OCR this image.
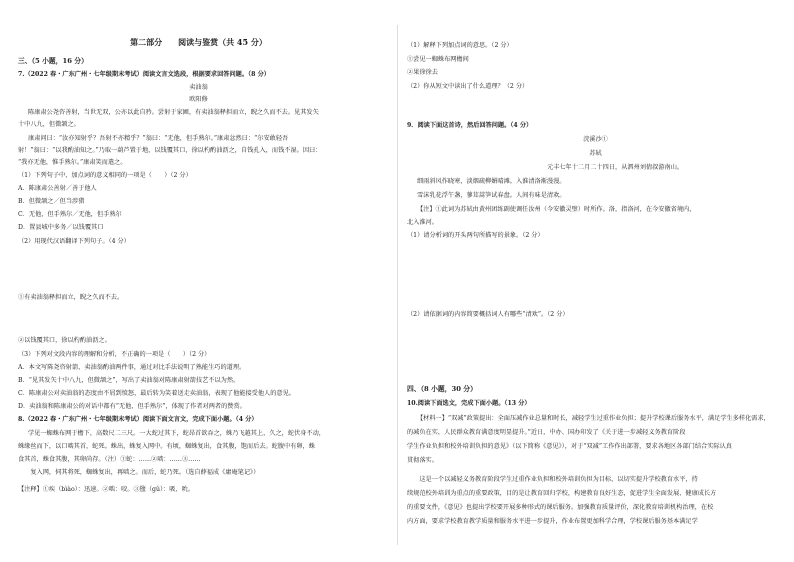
第二部分　　阅读与鉴赏（共 45 分）
三、（5 小题，16 分）
7.（2022 春・广东广州・七年级期末考试）阅读文言文选段，根据要求回答问题。（8 分）
卖油翁
欧阳修
陈康肃公尧咨善射，当世无双，公亦以此自矜。尝射于家圃，有卖油翁释担而立，睨之久而不去。见其发矢
十中八九，但微颔之。
康肃问曰：“汝亦知射乎？吾射不亦精乎？”翁曰：“无他，但手熟尔。”康肃忿然曰：“尔安敢轻吾
射！”翁曰：“以我酌油知之。”乃取一葫芦置于地，以钱覆其口，徐以杓酌油沥之，自钱孔入，而钱不湿。因曰：
“我亦无他，惟手熟尔。”康肃笑而遣之。
（1）下列句子中，加点词的意义相同的一项是（　　）（2 分）
A．陈康肃公善射／善于他人
B．但微颔之／但当涉猎
C．无他，但手熟尔／无他，但手熟尔
D．置县城中多务／以钱覆其口
（2）用现代汉语翻译下列句子。（4 分）
①有卖油翁释担而立，睨之久而不去。
②以钱覆其口，徐以杓酌油沥之。
（3）下列对文段内容的理解和分析，不正确的一项是（　　）（2 分）
A．本文写陈尧咨射箭、卖油翁酌油两件事，通过对比手法说明了熟能生巧的道理。
B．“见其发矢十中八九，但微颔之”，写出了卖油翁对陈康肃射箭技艺不以为然。
C．陈康肃公对卖油翁的态度由不屑到愤怒，最后转为笑着送走卖油翁，表现了他能接受他人的意见。
D．卖油翁和陈康肃公的对话中都有“无他，但手熟尔”，体现了作者对两者的赞赏。
8.（2022 春・广东广州・七年级期末考试）阅读下面文言文，完成下面小题。（4 分）
学见一蜘蛛布网于檐下，高数尺二三尺。一大蛇过其下，蛇昂首欲吞之，蛛乃飞越其上，久之，蛇伏身不动，
蛛缘丝而下，以口啮其首，蛇死。蛛出，蛛复入网中。有顷，蜘蛛复出，食其腹，饱而后去。蛇腹中有卵，蛛
食其首，蛛食其腹，其卵尚存。（注）①蛇：……②啮：……③……
　　复入网，伺其将死，蜘蛛复出，再啮之。而后，蛇乃死。（选自薛福成《庸庵笔记》）
【注释】①疾（bìào）：迅速。②啮：咬。③盬（gǔ）：吸、吮。
（1）解释下列加点词的意思。（2 分）
①尝见一蜘蛛布网檐间
②果徐徐去
（2）你从短文中读出了什么道理？（2 分）
9．阅读下面这首诗，然后回答问题。（4 分）
浣溪沙①
苏轼
元丰七年十二月二十四日，从泗州刘倩叔游南山。
细雨斜风作晓寒，淡烟疏柳媚晴滩。入淮清洛渐漫漫。
雪沫乳花浮午盏，蓼茸蒿笋试春盘。人间有味是清欢。
【注】①此词为苏轼由黄州团练副使调任汝州（今安徽灵璧）时所作。洛，指洛河，在今安徽省境内，
北入淮河。
（1）请分析词的开头两句所描写的景象。（2 分）
（2）请依据词的内容简要概括词人有哪些“清欢”。（2 分）
四、（8 小题，30 分）
10.阅读下面选文，完成下面小题。（13 分）
【材料一】“双减”政策提出：全面压减作业总量和时长，减轻学生过重作业负担；提升学校课后服务水平，满足学生多样化需求，
的减负在实，人民群众教育满意度明显提升。”近日，中办、国办印发了《关于进一步减轻义务教育阶段
学生作业负担和校外培训负担的意见》（以下简称《意见》），对于“双减”工作作出部署，要求各地区各部门结合实际认真
贯彻落实。
　　这是一个以减轻义务教育阶段学生过重作业负担和校外培训负担为目标，以切实提升学校教育水平，持
续规范校外培训为重点的重要政策，目的是让教育回归学校，构建教育良好生态，促进学生全面发展、健康成长方
的重要文件，《意见》也提出学校要开展多种形式的课后服务。加强教育质量评价，深化教育培训机构治理，在校
内方面，要求学校教育教学质量和服务水平进一步提升，作业布置更加科学合理，学校课后服务基本满足学
